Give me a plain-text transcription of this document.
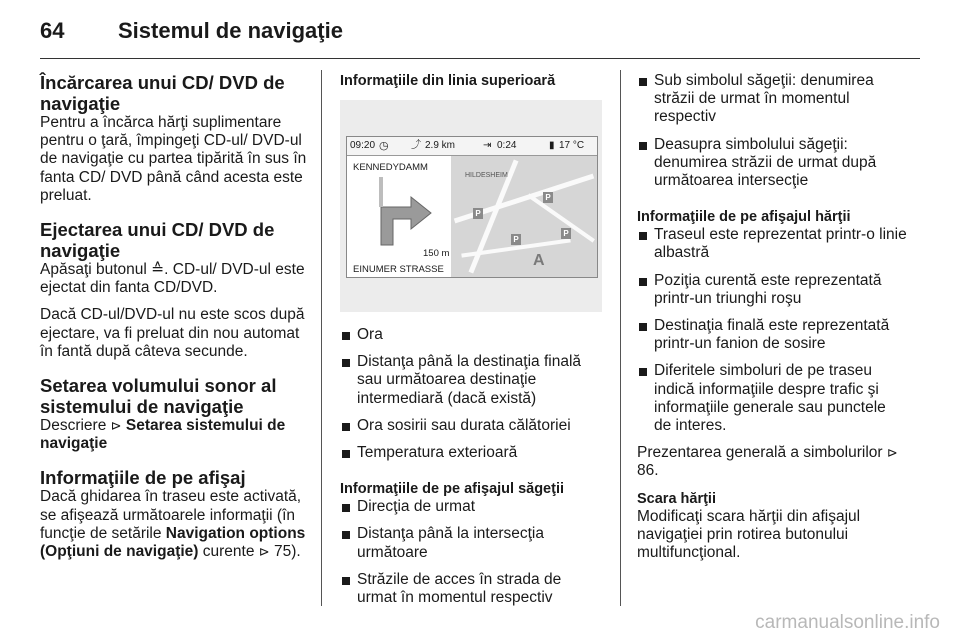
64 Sistemul de navigaţie
Încărcarea unui CD/ DVD de navigaţie

Pentru a încărca hărţi suplimentare pentru o ţară, împingeţi CD-ul/ DVD-ul de navigaţie cu partea tipărită în sus în fanta CD/ DVD până când acesta este preluat.

Ejectarea unui CD/ DVD de navigaţie

Apăsaţi butonul ≙. CD-ul/ DVD-ul este ejectat din fanta CD/DVD.

Dacă CD-ul/DVD-ul nu este scos după ejectare, va fi preluat din nou automat în fantă după câteva secunde.

Setarea volumului sonor al sistemului de navigaţie

Descriere ⊳ Setarea sistemului de navigaţie

Informaţiile de pe afişaj

Dacă ghidarea în traseu este activată, se afişează următoarele informaţii (în funcţie de setările Navigation options (Opţiuni de navigaţie) curente ⊳ 75).

Informaţiile din linia superioară

09:20 ◷ ⤴ 2.9 km	⇥ 0:24	▮ 17 °C
KENNEDYDAMM
150 m
EINUMER STRASSE
P
P
P
P
A
HILDESHEIM
Ora
Distanţa până la destinaţia finală sau următoarea destinaţie intermediară (dacă există)
Ora sosirii sau durata călătoriei
Temperatura exterioară

Informaţiile de pe afişajul săgeţii

Direcţia de urmat
Distanţa până la intersecţia următoare
Străzile de acces în strada de urmat în momentul respectiv
Sub simbolul săgeţii: denumirea străzii de urmat în momentul respectiv
Deasupra simbolului săgeţii: denumirea străzii de urmat după următoarea intersecţie

Informaţiile de pe afişajul hărţii

Traseul este reprezentat printr-o linie albastră
Poziţia curentă este reprezentată printr-un triunghi roşu
Destinaţia finală este reprezentată printr-un fanion de sosire
Diferitele simboluri de pe traseu indică informaţiile despre trafic şi informaţiile generale sau punctele de interes.

Prezentarea generală a simbolurilor ⊳ 86.

Scara hărţii

Modificaţi scara hărţii din afişajul navigaţiei prin rotirea butonului multifuncţional.

carmanualsonline.info
